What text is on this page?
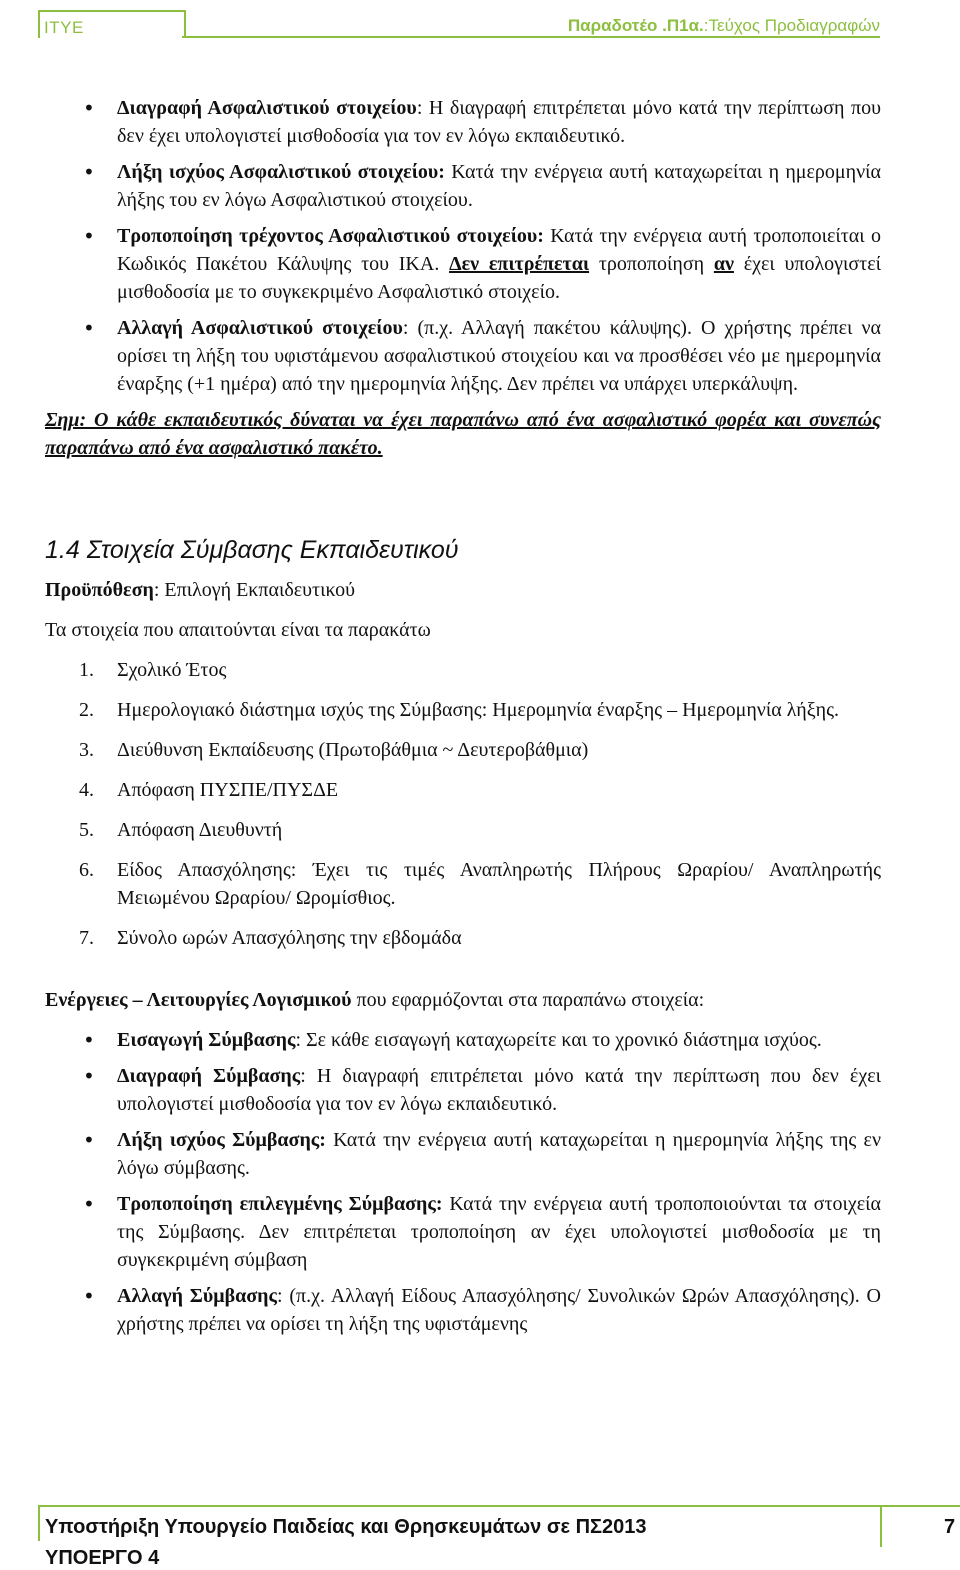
ΙΤΥΕ	Παραδοτέο .Π1α.:Τεύχος Προδιαγραφών
• Διαγραφή Ασφαλιστικού στοιχείου: Η διαγραφή επιτρέπεται μόνο κατά την περίπτωση που δεν έχει υπολογιστεί μισθοδοσία για τον εν λόγω εκπαιδευτικό.
• Λήξη ισχύος Ασφαλιστικού στοιχείου: Κατά την ενέργεια αυτή καταχωρείται η ημερομηνία λήξης του εν λόγω Ασφαλιστικού στοιχείου.
• Τροποποίηση τρέχοντος Ασφαλιστικού στοιχείου: Κατά την ενέργεια αυτή τροποποιείται ο Κωδικός Πακέτου Κάλυψης του ΙΚΑ. Δεν επιτρέπεται τροποποίηση αν έχει υπολογιστεί μισθοδοσία με το συγκεκριμένο Ασφαλιστικό στοιχείο.
• Αλλαγή Ασφαλιστικού στοιχείου: (π.χ. Αλλαγή πακέτου κάλυψης). Ο χρήστης πρέπει να ορίσει τη λήξη του υφιστάμενου ασφαλιστικού στοιχείου και να προσθέσει νέο με ημερομηνία έναρξης (+1 ημέρα) από την ημερομηνία λήξης. Δεν πρέπει να υπάρχει υπερκάλυψη.

Σημ: Ο κάθε εκπαιδευτικός δύναται να έχει παραπάνω από ένα ασφαλιστικό φορέα και συνεπώς παραπάνω από ένα ασφαλιστικό πακέτο.

1.4 Στοιχεία Σύμβασης Εκπαιδευτικού

Προϋπόθεση: Επιλογή Εκπαιδευτικού

Τα στοιχεία που απαιτούνται είναι τα παρακάτω

1. Σχολικό Έτος
2. Ημερολογιακό διάστημα ισχύς της Σύμβασης: Ημερομηνία έναρξης – Ημερομηνία λήξης.
3. Διεύθυνση Εκπαίδευσης (Πρωτοβάθμια ~ Δευτεροβάθμια)
4. Απόφαση ΠΥΣΠΕ/ΠΥΣΔΕ
5. Απόφαση Διευθυντή
6. Είδος Απασχόλησης: Έχει τις τιμές Αναπληρωτής Πλήρους Ωραρίου/ Αναπληρωτής Μειωμένου Ωραρίου/ Ωρομίσθιος.
7. Σύνολο ωρών Απασχόλησης την εβδομάδα

Ενέργειες – Λειτουργίες Λογισμικού που εφαρμόζονται στα παραπάνω στοιχεία:

• Εισαγωγή Σύμβασης: Σε κάθε εισαγωγή καταχωρείτε και το χρονικό διάστημα ισχύος.
• Διαγραφή Σύμβασης: Η διαγραφή επιτρέπεται μόνο κατά την περίπτωση που δεν έχει υπολογιστεί μισθοδοσία για τον εν λόγω εκπαιδευτικό.
• Λήξη ισχύος Σύμβασης: Κατά την ενέργεια αυτή καταχωρείται η ημερομηνία λήξης της εν λόγω σύμβασης.
• Τροποποίηση επιλεγμένης Σύμβασης: Κατά την ενέργεια αυτή τροποποιούνται τα στοιχεία της Σύμβασης. Δεν επιτρέπεται τροποποίηση αν έχει υπολογιστεί μισθοδοσία με τη συγκεκριμένη σύμβαση
• Αλλαγή Σύμβασης: (π.χ. Αλλαγή Είδους Απασχόλησης/ Συνολικών Ωρών Απασχόλησης). Ο χρήστης πρέπει να ορίσει τη λήξη της υφιστάμενης
Υποστήριξη Υπουργείο Παιδείας και Θρησκευμάτων σε ΠΣ2013
ΥΠΟΕΡΓΟ 4
7
